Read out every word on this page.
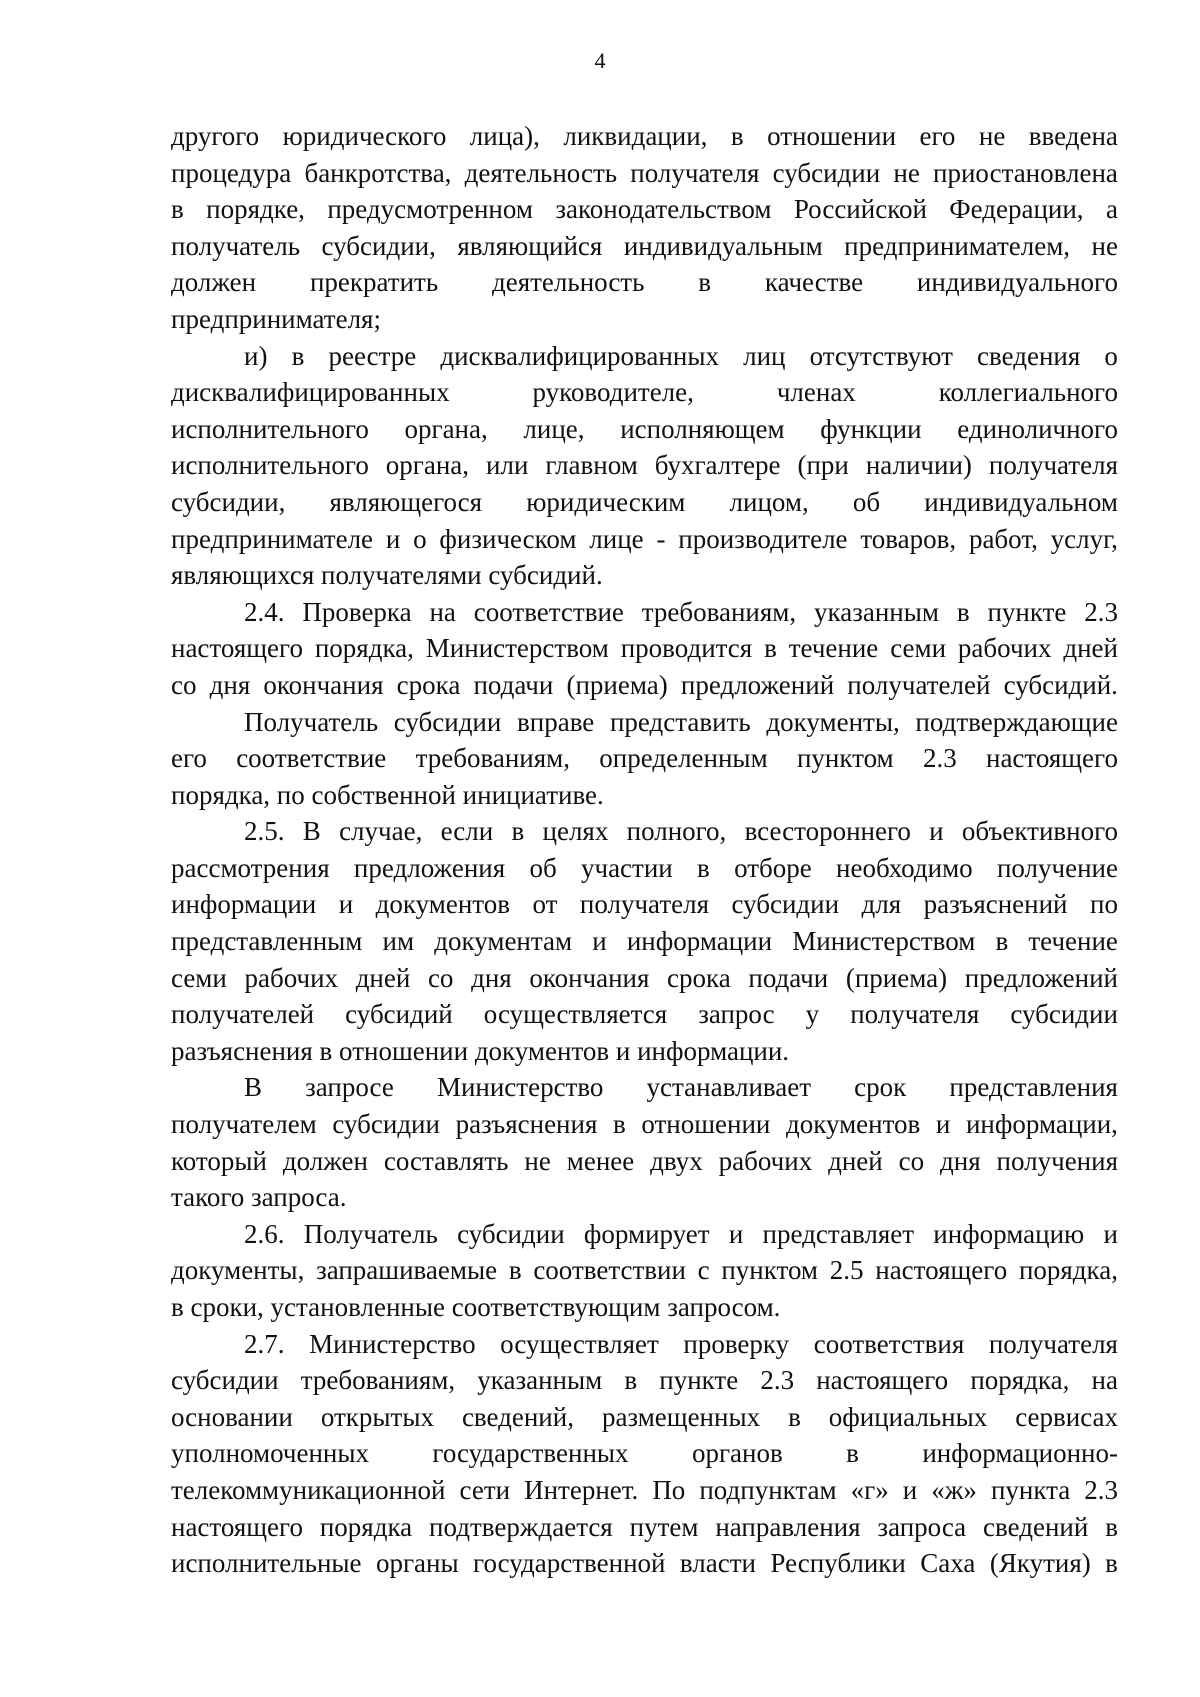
4
другого юридического лица), ликвидации, в отношении его не введена
процедура банкротства, деятельность получателя субсидии не приостановлена
в порядке, предусмотренном законодательством Российской Федерации, а
получатель субсидии, являющийся индивидуальным предпринимателем, не
должен прекратить деятельность в качестве индивидуального
предпринимателя;
и) в реестре дисквалифицированных лиц отсутствуют сведения о
дисквалифицированных	руководителе,	членах	коллегиального
исполнительного органа, лице, исполняющем функции единоличного
исполнительного органа, или главном бухгалтере (при наличии) получателя
субсидии, являющегося юридическим лицом, об индивидуальном
предпринимателе и о физическом лице - производителе товаров, работ, услуг,
являющихся получателями субсидий.
2.4. Проверка на соответствие требованиям, указанным в пункте 2.3
настоящего порядка, Министерством проводится в течение семи рабочих дней
со дня окончания срока подачи (приема) предложений получателей субсидий.
Получатель субсидии вправе представить документы, подтверждающие
его соответствие требованиям, определенным пунктом 2.3 настоящего
порядка, по собственной инициативе.
2.5. В случае, если в целях полного, всестороннего и объективного
рассмотрения предложения об участии в отборе необходимо получение
информации и документов от получателя субсидии для разъяснений по
представленным им документам и информации Министерством в течение
семи рабочих дней со дня окончания срока подачи (приема) предложений
получателей субсидий осуществляется запрос у получателя субсидии
разъяснения в отношении документов и информации.
В запросе Министерство устанавливает срок представления
получателем субсидии разъяснения в отношении документов и информации,
который должен составлять не менее двух рабочих дней со дня получения
такого запроса.
2.6. Получатель субсидии формирует и представляет информацию и
документы, запрашиваемые в соответствии с пунктом 2.5 настоящего порядка,
в сроки, установленные соответствующим запросом.
2.7. Министерство осуществляет проверку соответствия получателя
субсидии требованиям, указанным в пункте 2.3 настоящего порядка, на
основании открытых сведений, размещенных в официальных сервисах
уполномоченных государственных органов в информационно-
телекоммуникационной сети Интернет. По подпунктам «г» и «ж» пункта 2.3
настоящего порядка подтверждается путем направления запроса сведений в
исполнительные органы государственной власти Республики Саха (Якутия) в
